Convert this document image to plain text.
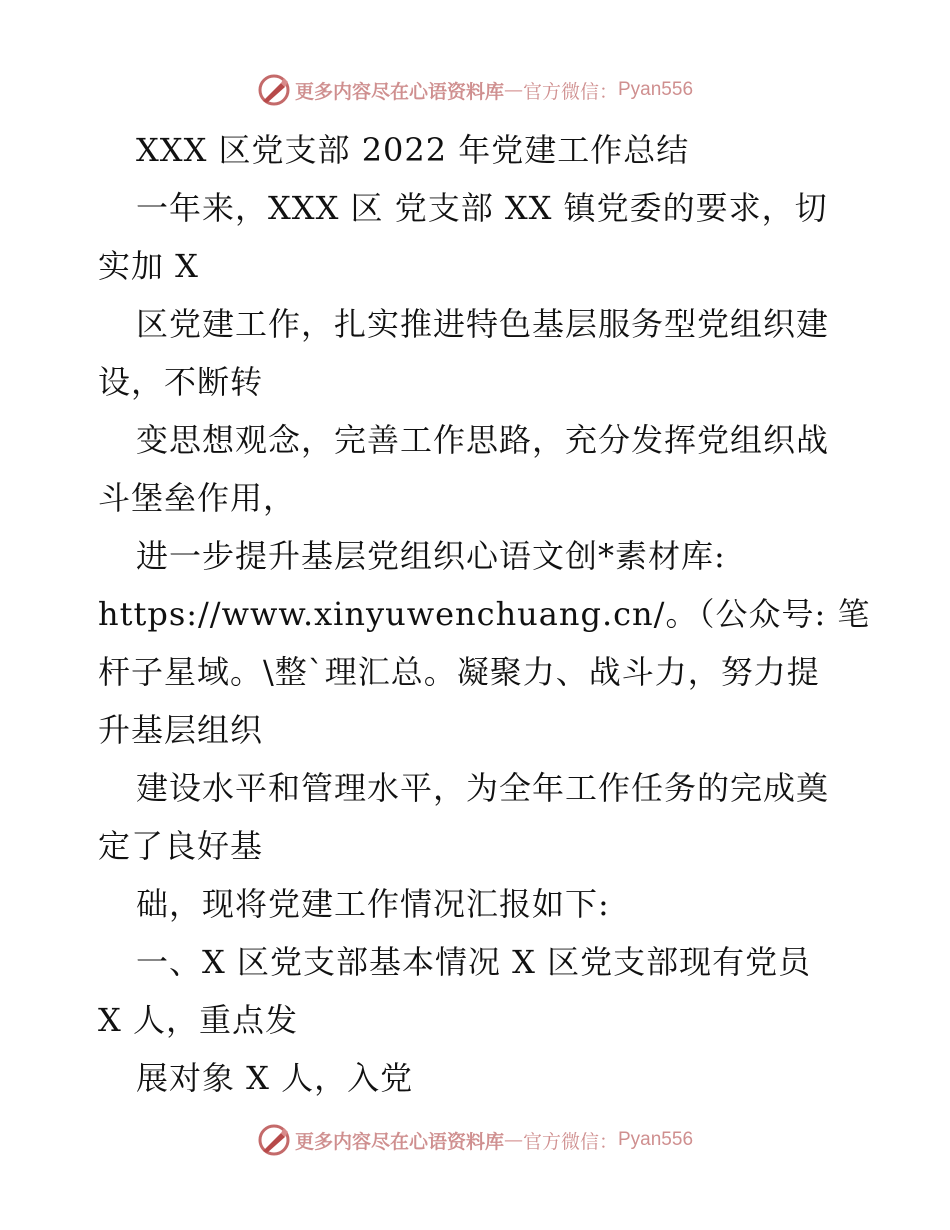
更多内容尽在心语资料库 — 官方微信： Pyan556
XXX 区党支部 2022 年党建工作总结
一年来，XXX 区 党支部 XX 镇党委的要求，切
实加 X
区党建工作，扎实推进特色基层服务型党组织建
设，不断转
变思想观念，完善工作思路，充分发挥党组织战
斗堡垒作用，
进一步提升基层党组织心语文创*素材库:
https://www.xinyuwenchuang.cn/。（公众号: 笔
杆子星域。\整`理汇总。凝聚力、战斗力，努力提
升基层组织
建设水平和管理水平，为全年工作任务的完成奠
定了良好基
础，现将党建工作情况汇报如下:
一、X 区党支部基本情况 X 区党支部现有党员
X 人，重点发
展对象 X 人，入党
更多内容尽在心语资料库 — 官方微信： Pyan556
